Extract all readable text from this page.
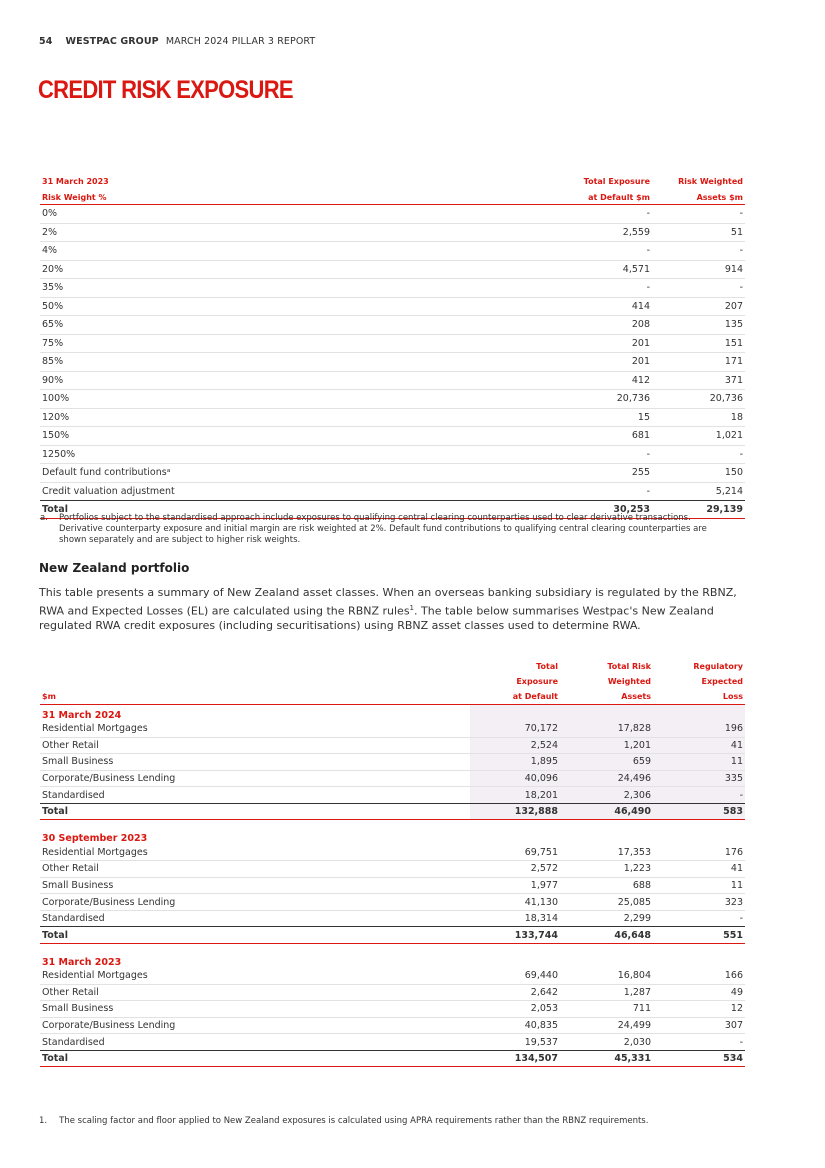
54 WESTPAC GROUP MARCH 2024 PILLAR 3 REPORT
CREDIT RISK EXPOSURE
31 March 2023	Total Exposure	Risk Weighted
Risk Weight %	at Default $m	Assets $m
0%	-	-
2%	2,559	51
4%	-	-
20%	4,571	914
35%	-	-
50%	414	207
65%	208	135
75%	201	151
85%	201	171
90%	412	371
100%	20,736	20,736
120%	15	18
150%	681	1,021
1250%	-	-
Default fund contributionsᵃ	255	150
Credit valuation adjustment	-	5,214
Total	30,253	29,139
a. Portfolios subject to the standardised approach include exposures to qualifying central clearing counterparties used to clear derivative transactions. Derivative counterparty exposure and initial margin are risk weighted at 2%. Default fund contributions to qualifying central clearing counterparties are shown separately and are subject to higher risk weights.
New Zealand portfolio

This table presents a summary of New Zealand asset classes. When an overseas banking subsidiary is regulated by the RBNZ, RWA and Expected Losses (EL) are calculated using the RBNZ rules$^1$. The table below summarises Westpac's New Zealand regulated RWA credit exposures (including securitisations) using RBNZ asset classes used to determine RWA.

	Total	Total Risk	Regulatory
	Exposure	Weighted	Expected
$m	at Default	Assets	Loss
31 March 2024			
Residential Mortgages	70,172	17,828	196
Other Retail	2,524	1,201	41
Small Business	1,895	659	11
Corporate/Business Lending	40,096	24,496	335
Standardised	18,201	2,306	-
Total	132,888	46,490	583

30 September 2023			
Residential Mortgages	69,751	17,353	176
Other Retail	2,572	1,223	41
Small Business	1,977	688	11
Corporate/Business Lending	41,130	25,085	323
Standardised	18,314	2,299	-
Total	133,744	46,648	551

31 March 2023			
Residential Mortgages	69,440	16,804	166
Other Retail	2,642	1,287	49
Small Business	2,053	711	12
Corporate/Business Lending	40,835	24,499	307
Standardised	19,537	2,030	-
Total	134,507	45,331	534
1. The scaling factor and floor applied to New Zealand exposures is calculated using APRA requirements rather than the RBNZ requirements.
